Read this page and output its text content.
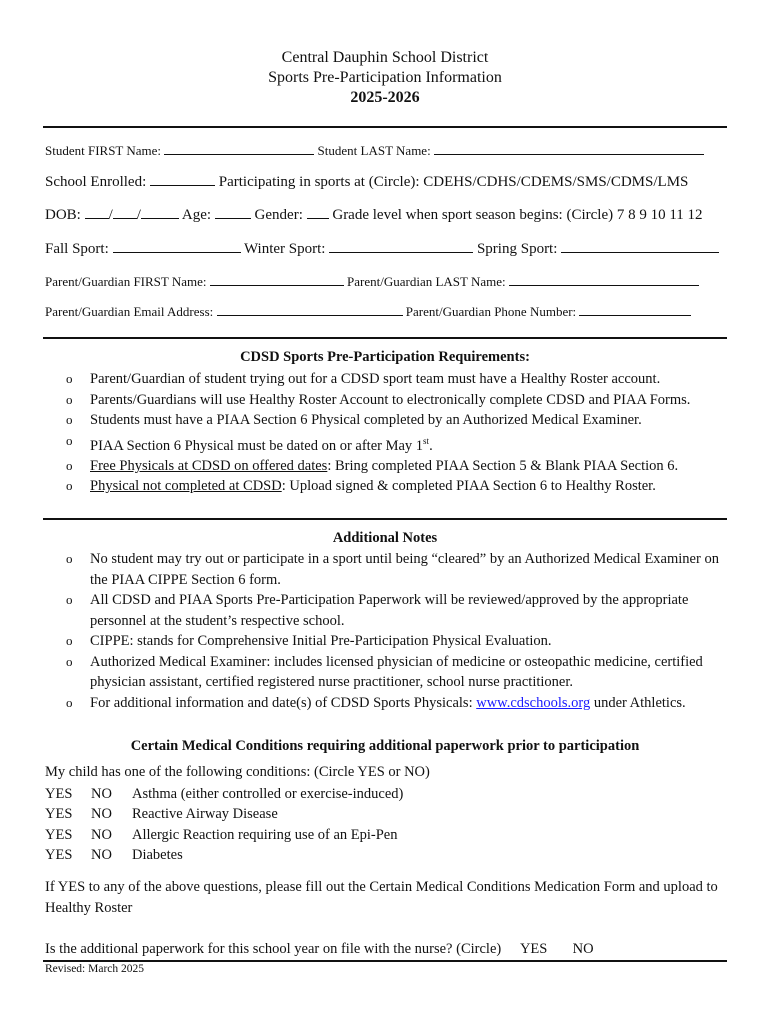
Central Dauphin School District
Sports Pre-Participation Information
2025-2026
Student FIRST Name:	Student LAST Name:
School Enrolled:	Participating in sports at (Circle): CDEHS/CDHS/CDEMS/SMS/CDMS/LMS
DOB: / /	Age:	Gender: Grade level when sport season begins: (Circle) 7 8 9 10 11 12
Fall Sport:	Winter Sport:	Spring Sport:
Parent/Guardian FIRST Name:	Parent/Guardian LAST Name:
Parent/Guardian Email Address:	Parent/Guardian Phone Number:
CDSD Sports Pre-Participation Requirements:
o Parent/Guardian of student trying out for a CDSD sport team must have a Healthy Roster account.
o Parents/Guardians will use Healthy Roster Account to electronically complete CDSD and PIAA Forms.
o Students must have a PIAA Section 6 Physical completed by an Authorized Medical Examiner.
o PIAA Section 6 Physical must be dated on or after May 1st.
o Free Physicals at CDSD on offered dates: Bring completed PIAA Section 5 & Blank PIAA Section 6.
o Physical not completed at CDSD: Upload signed & completed PIAA Section 6 to Healthy Roster.
Additional Notes
o No student may try out or participate in a sport until being “cleared” by an Authorized Medical Examiner on the PIAA CIPPE Section 6 form.
o All CDSD and PIAA Sports Pre-Participation Paperwork will be reviewed/approved by the appropriate personnel at the student’s respective school.
o CIPPE: stands for Comprehensive Initial Pre-Participation Physical Evaluation.
o Authorized Medical Examiner: includes licensed physician of medicine or osteopathic medicine, certified physician assistant, certified registered nurse practitioner, school nurse practitioner.
o For additional information and date(s) of CDSD Sports Physicals: www.cdschools.org under Athletics.
Certain Medical Conditions requiring additional paperwork prior to participation
My child has one of the following conditions: (Circle YES or NO)
YES	NO	Asthma (either controlled or exercise-induced)
YES	NO	Reactive Airway Disease
YES	NO	Allergic Reaction requiring use of an Epi-Pen
YES	NO	Diabetes
If YES to any of the above questions, please fill out the Certain Medical Conditions Medication Form and upload to Healthy Roster
Is the additional paperwork for this school year on file with the nurse? (Circle) YES NO
Revised: March 2025
